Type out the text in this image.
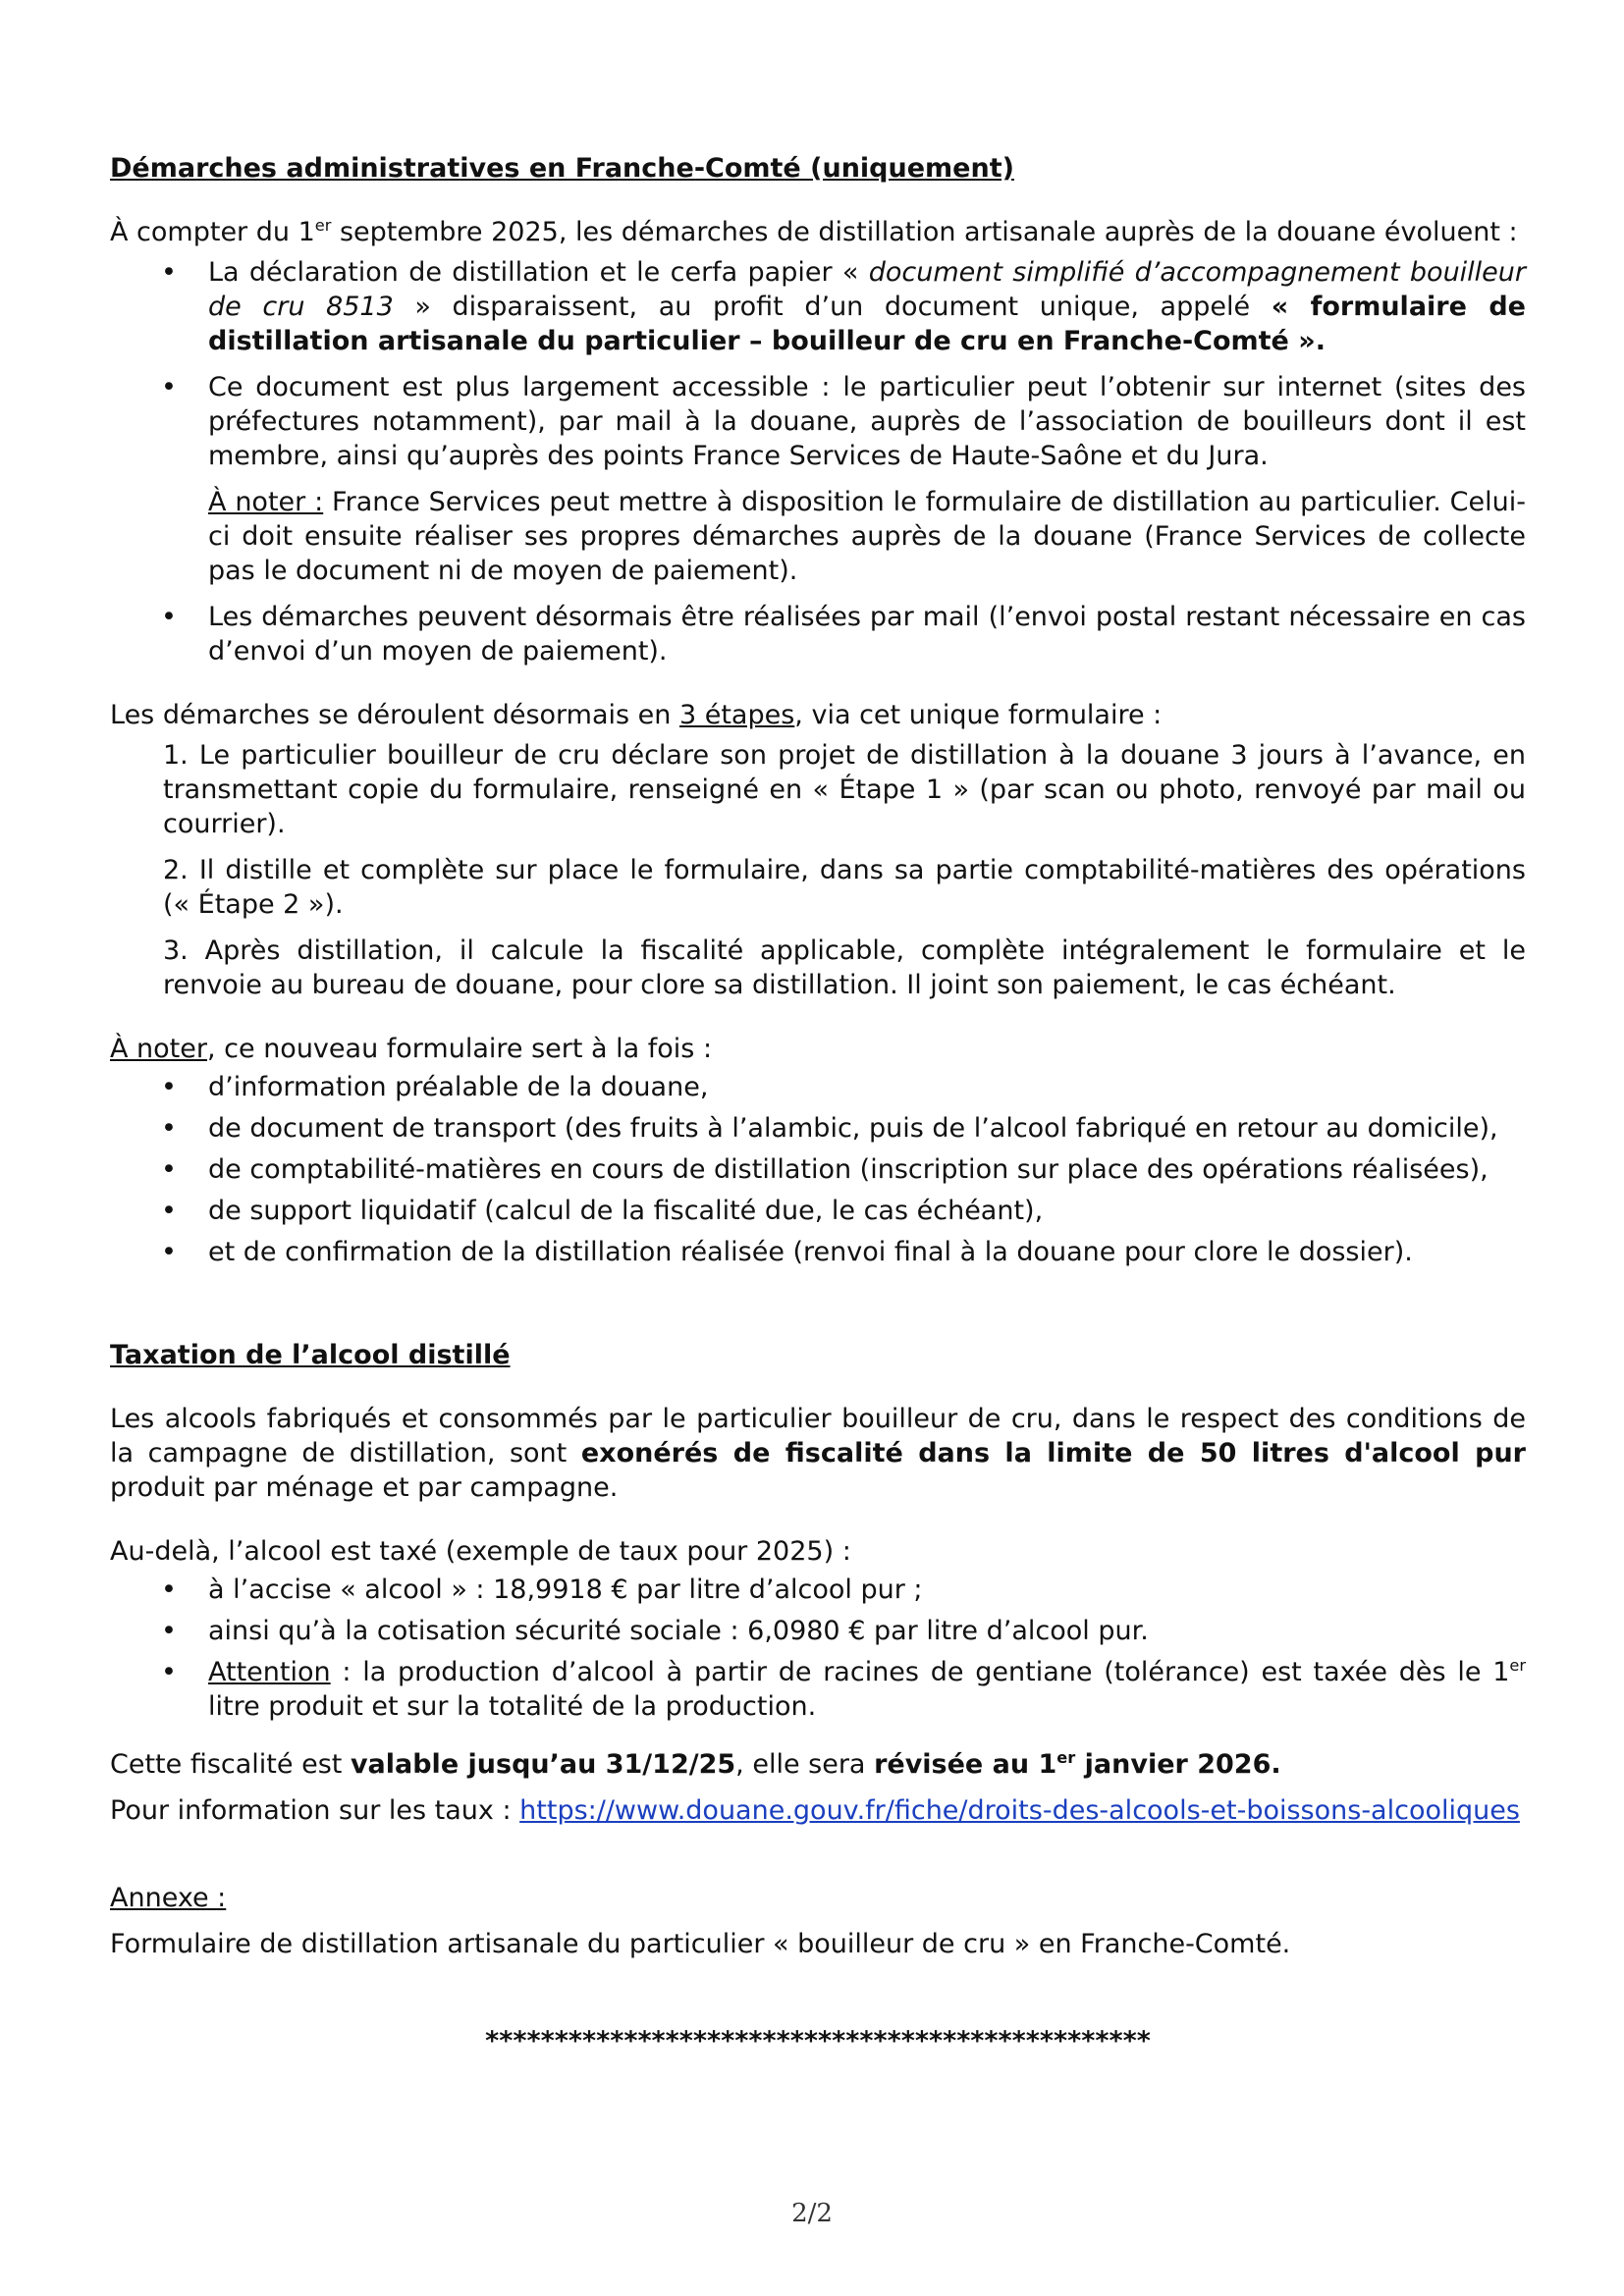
Démarches administratives en Franche-Comté (uniquement)

À compter du 1er septembre 2025, les démarches de distillation artisanale auprès de la douane évoluent :

• La déclaration de distillation et le cerfa papier « document simplifié d’accompagnement bouilleur de cru 8513 » disparaissent, au profit d’un document unique, appelé « formulaire de distillation artisanale du particulier – bouilleur de cru en Franche-Comté ».
• Ce document est plus largement accessible : le particulier peut l’obtenir sur internet (sites des préfectures notamment), par mail à la douane, auprès de l’association de bouilleurs dont il est membre, ainsi qu’auprès des points France Services de Haute-Saône et du Jura.

À noter : France Services peut mettre à disposition le formulaire de distillation au particulier. Celui-ci doit ensuite réaliser ses propres démarches auprès de la douane (France Services de collecte pas le document ni de moyen de paiement).

• Les démarches peuvent désormais être réalisées par mail (l’envoi postal restant nécessaire en cas d’envoi d’un moyen de paiement).

Les démarches se déroulent désormais en 3 étapes, via cet unique formulaire :

1. Le particulier bouilleur de cru déclare son projet de distillation à la douane 3 jours à l’avance, en transmettant copie du formulaire, renseigné en « Étape 1 » (par scan ou photo, renvoyé par mail ou courrier).
2. Il distille et complète sur place le formulaire, dans sa partie comptabilité-matières des opérations (« Étape 2 »).
3. Après distillation, il calcule la fiscalité applicable, complète intégralement le formulaire et le renvoie au bureau de douane, pour clore sa distillation. Il joint son paiement, le cas échéant.

À noter, ce nouveau formulaire sert à la fois :

• d’information préalable de la douane,
• de document de transport (des fruits à l’alambic, puis de l’alcool fabriqué en retour au domicile),
• de comptabilité-matières en cours de distillation (inscription sur place des opérations réalisées),
• de support liquidatif (calcul de la fiscalité due, le cas échéant),
• et de confirmation de la distillation réalisée (renvoi final à la douane pour clore le dossier).

Taxation de l’alcool distillé

Les alcools fabriqués et consommés par le particulier bouilleur de cru, dans le respect des conditions de la campagne de distillation, sont exonérés de fiscalité dans la limite de 50 litres d'alcool pur produit par ménage et par campagne.

Au-delà, l’alcool est taxé (exemple de taux pour 2025) :

• à l’accise « alcool » : 18,9918 € par litre d’alcool pur ;
• ainsi qu’à la cotisation sécurité sociale : 6,0980 € par litre d’alcool pur.
• Attention : la production d’alcool à partir de racines de gentiane (tolérance) est taxée dès le 1er litre produit et sur la totalité de la production.

Cette fiscalité est valable jusqu’au 31/12/25, elle sera révisée au 1er janvier 2026.

Pour information sur les taux : https://www.douane.gouv.fr/fiche/droits-des-alcools-et-boissons-alcooliques

Annexe :

Formulaire de distillation artisanale du particulier « bouilleur de cru » en Franche-Comté.

************************************************

2/2
